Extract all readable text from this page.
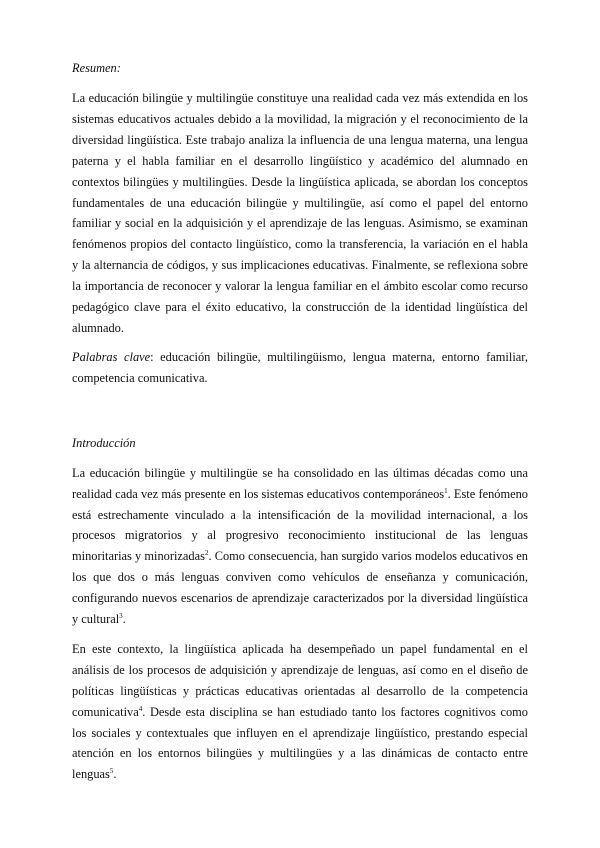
Resumen:

La educación bilingüe y multilingüe constituye una realidad cada vez más extendida en los sistemas educativos actuales debido a la movilidad, la migración y el reconocimiento de la diversidad lingüística. Este trabajo analiza la influencia de una lengua materna, una lengua paterna y el habla familiar en el desarrollo lingüístico y académico del alumnado en contextos bilingües y multilingües. Desde la lingüística aplicada, se abordan los conceptos fundamentales de una educación bilingüe y multilingüe, así como el papel del entorno familiar y social en la adquisición y el aprendizaje de las lenguas. Asimismo, se examinan fenómenos propios del contacto lingüístico, como la transferencia, la variación en el habla y la alternancia de códigos, y sus implicaciones educativas. Finalmente, se reflexiona sobre la importancia de reconocer y valorar la lengua familiar en el ámbito escolar como recurso pedagógico clave para el éxito educativo, la construcción de la identidad lingüística del alumnado.

Palabras clave: educación bilingüe, multilingüismo, lengua materna, entorno familiar, competencia comunicativa.

Introducción

La educación bilingüe y multilingüe se ha consolidado en las últimas décadas como una realidad cada vez más presente en los sistemas educativos contemporáneos$^1$. Este fenómeno está estrechamente vinculado a la intensificación de la movilidad internacional, a los procesos migratorios y al progresivo reconocimiento institucional de las lenguas minoritarias y minorizadas$^2$. Como consecuencia, han surgido varios modelos educativos en los que dos o más lenguas conviven como vehículos de enseñanza y comunicación, configurando nuevos escenarios de aprendizaje caracterizados por la diversidad lingüística y cultural$^3$.

En este contexto, la lingüística aplicada ha desempeñado un papel fundamental en el análisis de los procesos de adquisición y aprendizaje de lenguas, así como en el diseño de políticas lingüísticas y prácticas educativas orientadas al desarrollo de la competencia comunicativa$^4$. Desde esta disciplina se han estudiado tanto los factores cognitivos como los sociales y contextuales que influyen en el aprendizaje lingüístico, prestando especial atención en los entornos bilingües y multilingües y a las dinámicas de contacto entre lenguas$^5$.
